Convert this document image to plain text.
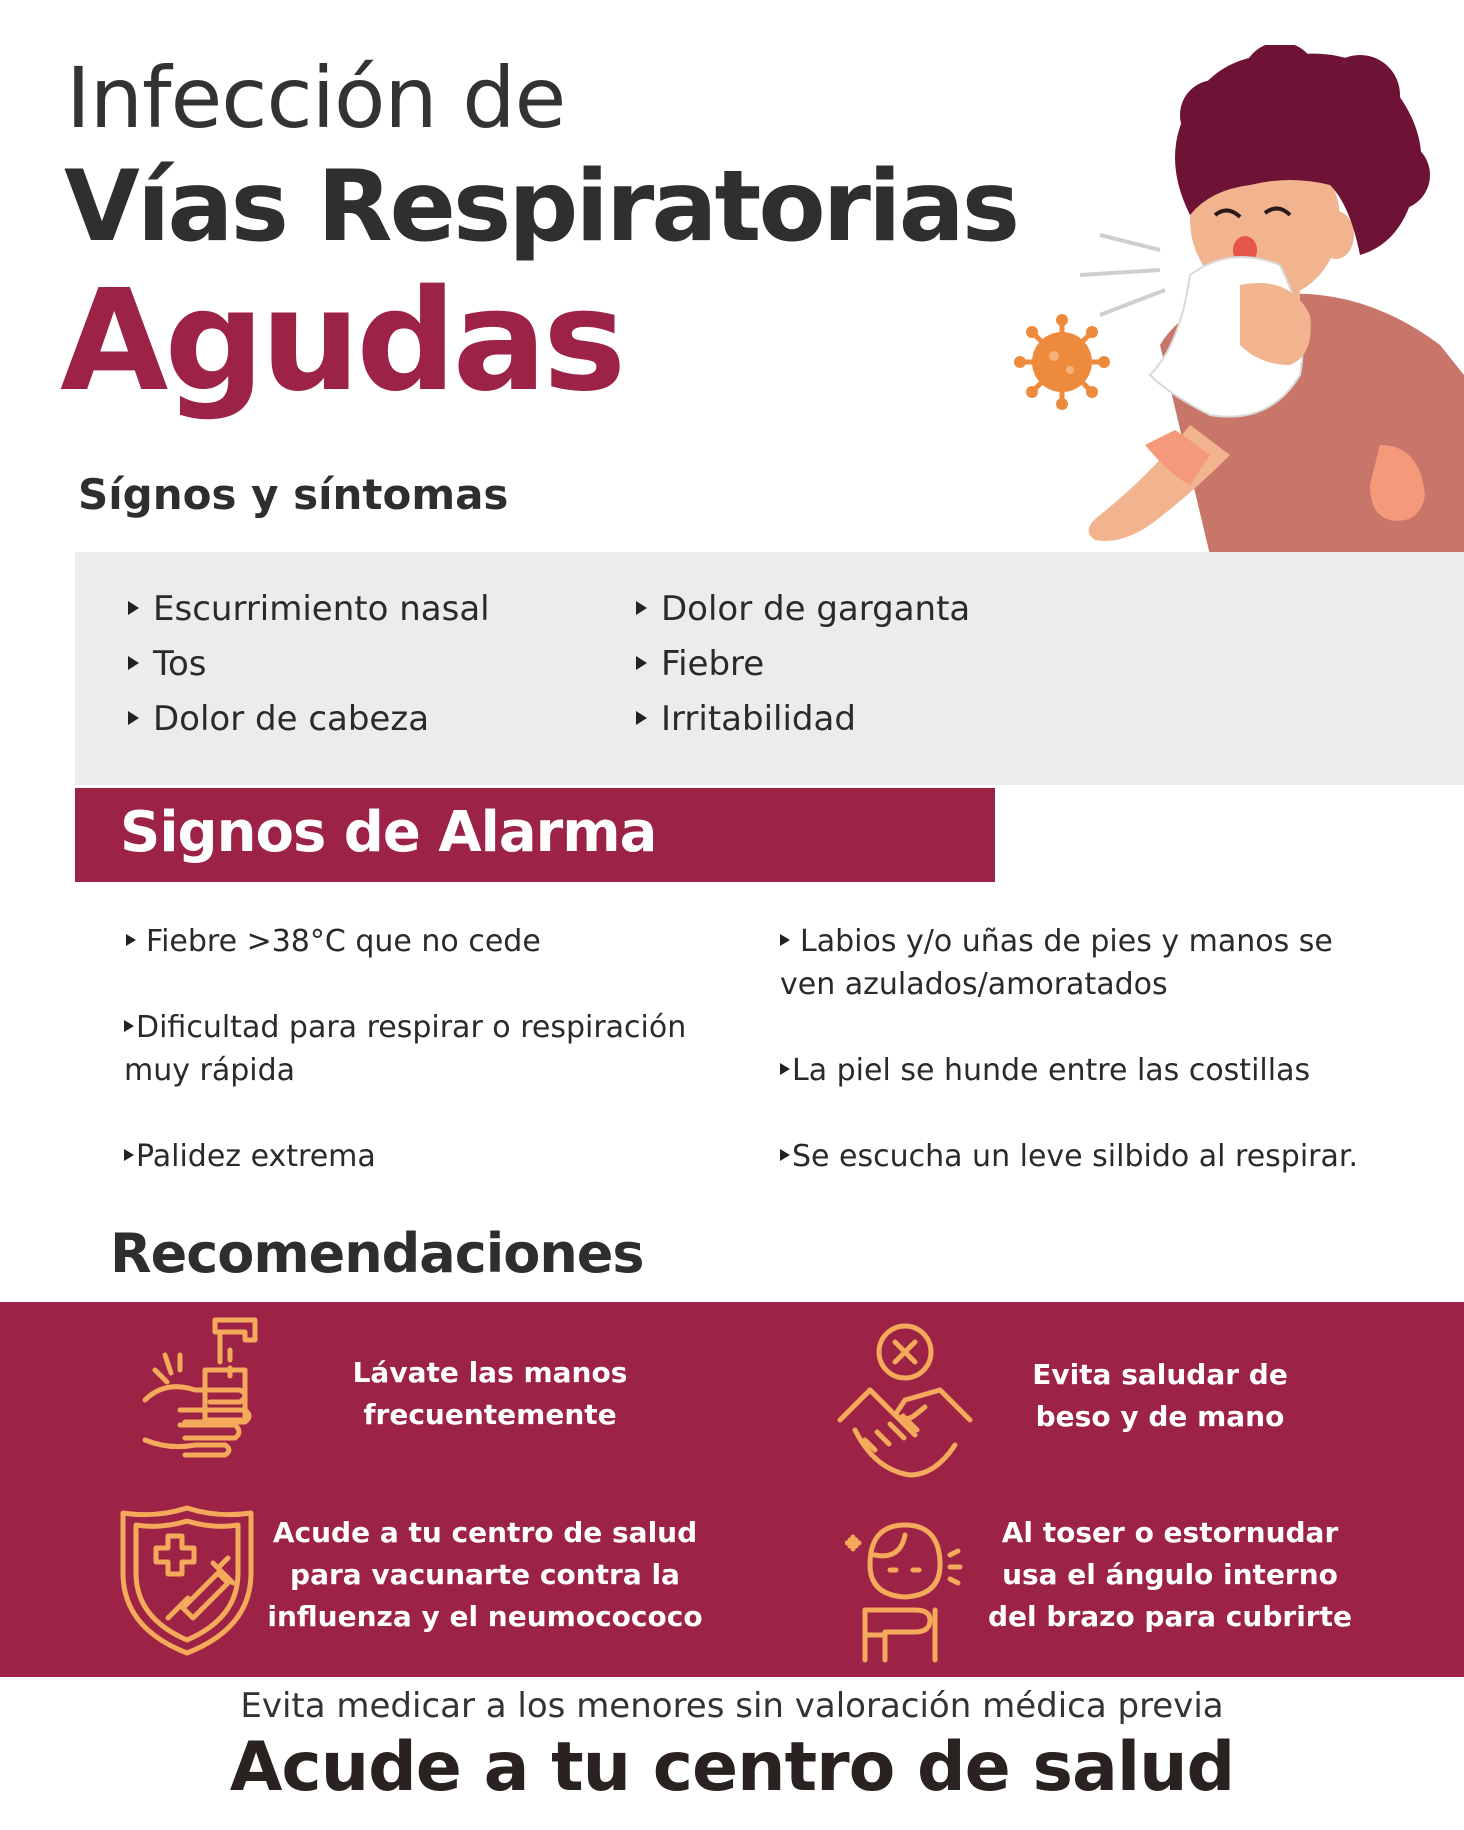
Infección de
Vías Respiratorias
Agudas
Sígnos y síntomas
Escurrimiento nasal
Tos
Dolor de cabeza
Dolor de garganta
Fiebre
Irritabilidad
Signos de Alarma
Fiebre >38°C que no cede
Dificultad para respirar o respiración
muy rápida
Palidez extrema
Labios y/o uñas de pies y manos se
ven azulados/amoratados
La piel se hunde entre las costillas
Se escucha un leve silbido al respirar.
Recomendaciones
Lávate las manos
frecuentemente
Evita saludar de
beso y de mano
Acude a tu centro de salud
para vacunarte contra la
influenza y el neumocococo
Al toser o estornudar
usa el ángulo interno
del brazo para cubrirte
Evita medicar a los menores sin valoración médica previa
Acude a tu centro de salud
